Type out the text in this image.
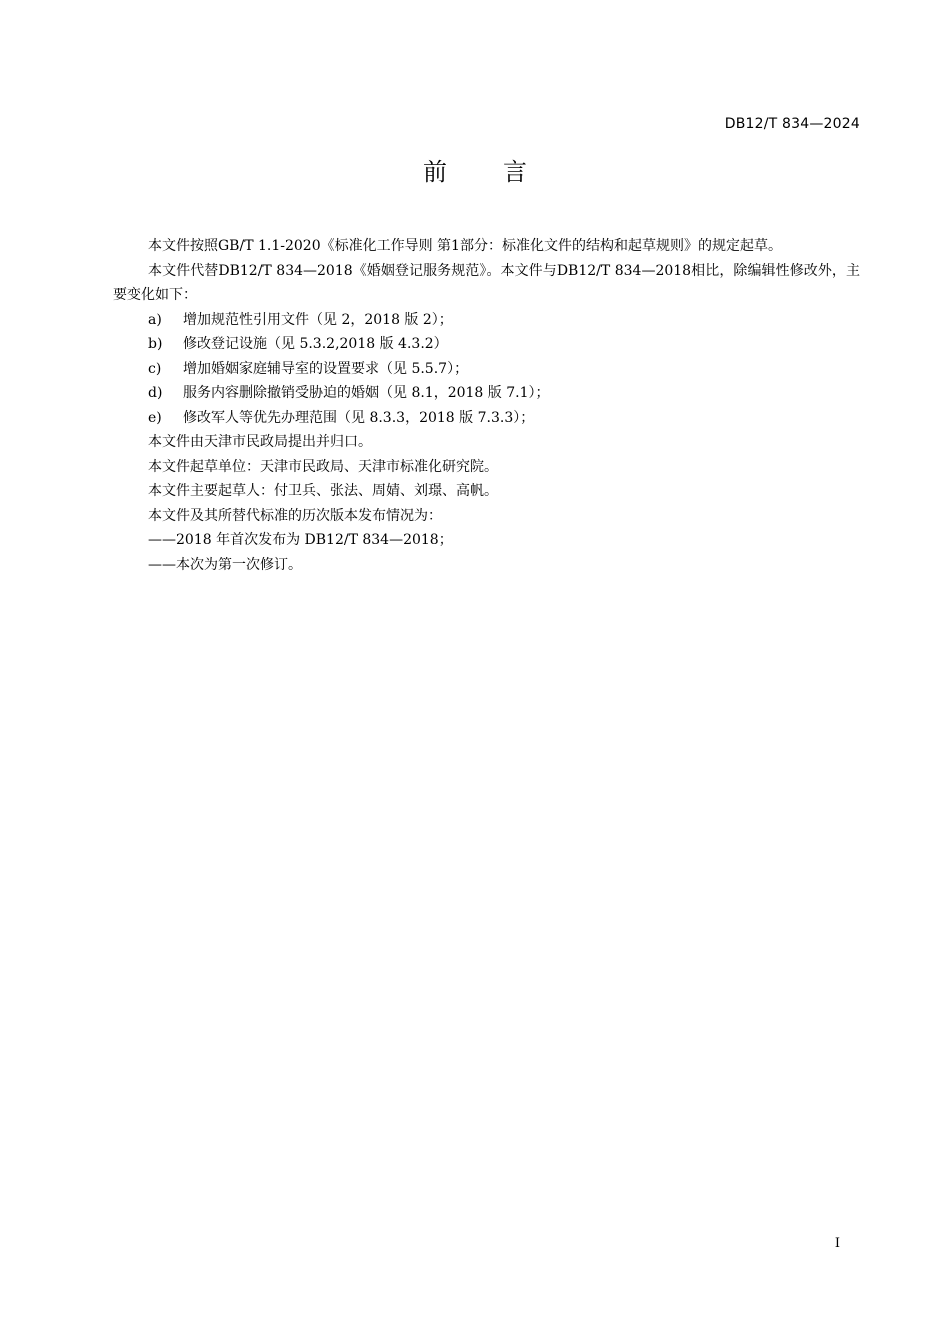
DB12/T 834—2024
前言

本文件按照GB/T 1.1-2020《标准化工作导则 第1部分：标准化文件的结构和起草规则》的规定起草。

本文件代替DB12/T 834—2018《婚姻登记服务规范》。本文件与DB12/T 834—2018相比，除编辑性修改外，主要变化如下：

a) 增加规范性引用文件（见 2，2018 版 2）；

b) 修改登记设施（见 5.3.2,2018 版 4.3.2）

c) 增加婚姻家庭辅导室的设置要求（见 5.5.7）；

d) 服务内容删除撤销受胁迫的婚姻（见 8.1，2018 版 7.1）；

e) 修改军人等优先办理范围（见 8.3.3，2018 版 7.3.3）；

本文件由天津市民政局提出并归口。

本文件起草单位：天津市民政局、天津市标准化研究院。

本文件主要起草人：付卫兵、张法、周婧、刘璟、高帆。

本文件及其所替代标准的历次版本发布情况为：

——2018 年首次发布为 DB12/T 834—2018；

——本次为第一次修订。

I
